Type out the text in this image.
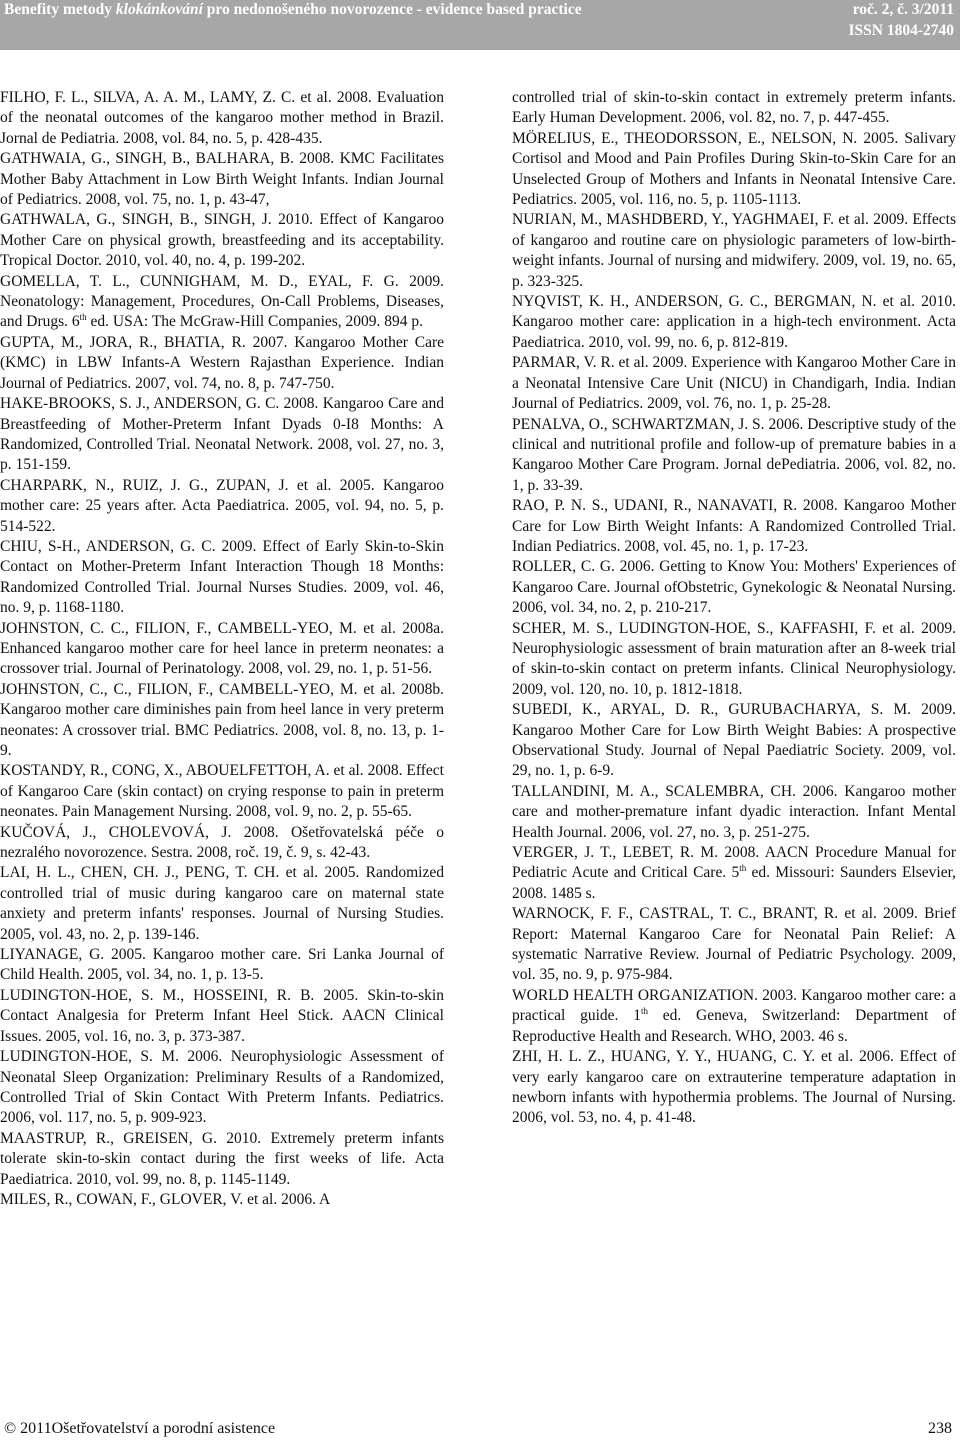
Benefity metody klokánkování pro nedonošeného novorozence - evidence based practice	roč. 2, č. 3/2011
ISSN 1804-2740

FILHO, F. L., SILVA, A. A. M., LAMY, Z. C. et al. 2008. Evaluation of the neonatal outcomes of the kangaroo mother method in Brazil. Jornal de Pediatria. 2008, vol. 84, no. 5, p. 428-435.

GATHWAIA, G., SINGH, B., BALHARA, B. 2008. KMC Facilitates Mother Baby Attachment in Low Birth Weight Infants. Indian Journal of Pediatrics. 2008, vol. 75, no. 1, p. 43-47,

GATHWALA, G., SINGH, B., SINGH, J. 2010. Effect of Kangaroo Mother Care on physical growth, breastfeeding and its acceptability. Tropical Doctor. 2010, vol. 40, no. 4, p. 199-202.

GOMELLA, T. L., CUNNIGHAM, M. D., EYAL, F. G. 2009. Neonatology: Management, Procedures, On-Call Problems, Diseases, and Drugs. 6th ed. USA: The McGraw-Hill Companies, 2009. 894 p.

GUPTA, M., JORA, R., BHATIA, R. 2007. Kangaroo Mother Care (KMC) in LBW Infants-A Western Rajasthan Experience. Indian Journal of Pediatrics. 2007, vol. 74, no. 8, p. 747-750.

HAKE-BROOKS, S. J., ANDERSON, G. C. 2008. Kangaroo Care and Breastfeeding of Mother-Preterm Infant Dyads 0-I8 Months: A Randomized, Controlled Trial. Neonatal Network. 2008, vol. 27, no. 3, p. 151-159.

CHARPARK, N., RUIZ, J. G., ZUPAN, J. et al. 2005. Kangaroo mother care: 25 years after. Acta Paediatrica. 2005, vol. 94, no. 5, p. 514-522.

CHIU, S-H., ANDERSON, G. C. 2009. Effect of Early Skin-to-Skin Contact on Mother-Preterm Infant Interaction Though 18 Months: Randomized Controlled Trial. Journal Nurses Studies. 2009, vol. 46, no. 9, p. 1168-1180.

JOHNSTON, C. C., FILION, F., CAMBELL-YEO, M. et al. 2008a. Enhanced kangaroo mother care for heel lance in preterm neonates: a crossover trial. Journal of Perinatology. 2008, vol. 29, no. 1, p. 51-56.

JOHNSTON, C., C., FILION, F., CAMBELL-YEO, M. et al. 2008b. Kangaroo mother care diminishes pain from heel lance in very preterm neonates: A crossover trial. BMC Pediatrics. 2008, vol. 8, no. 13, p. 1-9.

KOSTANDY, R., CONG, X., ABOUELFETTOH, A. et al. 2008. Effect of Kangaroo Care (skin contact) on crying response to pain in preterm neonates. Pain Management Nursing. 2008, vol. 9, no. 2, p. 55-65.

KUČOVÁ, J., CHOLEVOVÁ, J. 2008. Ošetřovatelská péče o nezralého novorozence. Sestra. 2008, roč. 19, č. 9, s. 42-43.

LAI, H. L., CHEN, CH. J., PENG, T. CH. et al. 2005. Randomized controlled trial of music during kangaroo care on maternal state anxiety and preterm infants' responses. Journal of Nursing Studies. 2005, vol. 43, no. 2, p. 139-146.

LIYANAGE, G. 2005. Kangaroo mother care. Sri Lanka Journal of Child Health. 2005, vol. 34, no. 1, p. 13-5.

LUDINGTON-HOE, S. M., HOSSEINI, R. B. 2005. Skin-to-skin Contact Analgesia for Preterm Infant Heel Stick. AACN Clinical Issues. 2005, vol. 16, no. 3, p. 373-387.

LUDINGTON-HOE, S. M. 2006. Neurophysiologic Assessment of Neonatal Sleep Organization: Preliminary Results of a Randomized, Controlled Trial of Skin Contact With Preterm Infants. Pediatrics. 2006, vol. 117, no. 5, p. 909-923.

MAASTRUP, R., GREISEN, G. 2010. Extremely preterm infants tolerate skin-to-skin contact during the first weeks of life. Acta Paediatrica. 2010, vol. 99, no. 8, p. 1145-1149.

MILES, R., COWAN, F., GLOVER, V. et al. 2006. A

controlled trial of skin-to-skin contact in extremely preterm infants. Early Human Development. 2006, vol. 82, no. 7, p. 447-455.

MÖRELIUS, E., THEODORSSON, E., NELSON, N. 2005. Salivary Cortisol and Mood and Pain Profiles During Skin-to-Skin Care for an Unselected Group of Mothers and Infants in Neonatal Intensive Care. Pediatrics. 2005, vol. 116, no. 5, p. 1105-1113.

NURIAN, M., MASHDBERD, Y., YAGHMAEI, F. et al. 2009. Effects of kangaroo and routine care on physiologic parameters of low-birth-weight infants. Journal of nursing and midwifery. 2009, vol. 19, no. 65, p. 323-325.

NYQVIST, K. H., ANDERSON, G. C., BERGMAN, N. et al. 2010. Kangaroo mother care: application in a high-tech environment. Acta Paediatrica. 2010, vol. 99, no. 6, p. 812-819.

PARMAR, V. R. et al. 2009. Experience with Kangaroo Mother Care in a Neonatal Intensive Care Unit (NICU) in Chandigarh, India. Indian Journal of Pediatrics. 2009, vol. 76, no. 1, p. 25-28.

PENALVA, O., SCHWARTZMAN, J. S. 2006. Descriptive study of the clinical and nutritional profile and follow-up of premature babies in a Kangaroo Mother Care Program. Jornal dePediatria. 2006, vol. 82, no. 1, p. 33-39.

RAO, P. N. S., UDANI, R., NANAVATI, R. 2008. Kangaroo Mother Care for Low Birth Weight Infants: A Randomized Controlled Trial. Indian Pediatrics. 2008, vol. 45, no. 1, p. 17-23.

ROLLER, C. G. 2006. Getting to Know You: Mothers' Experiences of Kangaroo Care. Journal ofObstetric, Gynekologic & Neonatal Nursing. 2006, vol. 34, no. 2, p. 210-217.

SCHER, M. S., LUDINGTON-HOE, S., KAFFASHI, F. et al. 2009. Neurophysiologic assessment of brain maturation after an 8-week trial of skin-to-skin contact on preterm infants. Clinical Neurophysiology. 2009, vol. 120, no. 10, p. 1812-1818.

SUBEDI, K., ARYAL, D. R., GURUBACHARYA, S. M. 2009. Kangaroo Mother Care for Low Birth Weight Babies: A prospective Observational Study. Journal of Nepal Paediatric Society. 2009, vol. 29, no. 1, p. 6-9.

TALLANDINI, M. A., SCALEMBRA, CH. 2006. Kangaroo mother care and mother-premature infant dyadic interaction. Infant Mental Health Journal. 2006, vol. 27, no. 3, p. 251-275.

VERGER, J. T., LEBET, R. M. 2008. AACN Procedure Manual for Pediatric Acute and Critical Care. 5th ed. Missouri: Saunders Elsevier, 2008. 1485 s.

WARNOCK, F. F., CASTRAL, T. C., BRANT, R. et al. 2009. Brief Report: Maternal Kangaroo Care for Neonatal Pain Relief: A systematic Narrative Review. Journal of Pediatric Psychology. 2009, vol. 35, no. 9, p. 975-984.

WORLD HEALTH ORGANIZATION. 2003. Kangaroo mother care: a practical guide. 1th ed. Geneva, Switzerland: Department of Reproductive Health and Research. WHO, 2003. 46 s.

ZHI, H. L. Z., HUANG, Y. Y., HUANG, C. Y. et al. 2006. Effect of very early kangaroo care on extrauterine temperature adaptation in newborn infants with hypothermia problems. The Journal of Nursing. 2006, vol. 53, no. 4, p. 41-48.

© 2011Ošetřovatelství a porodní asistence	238
